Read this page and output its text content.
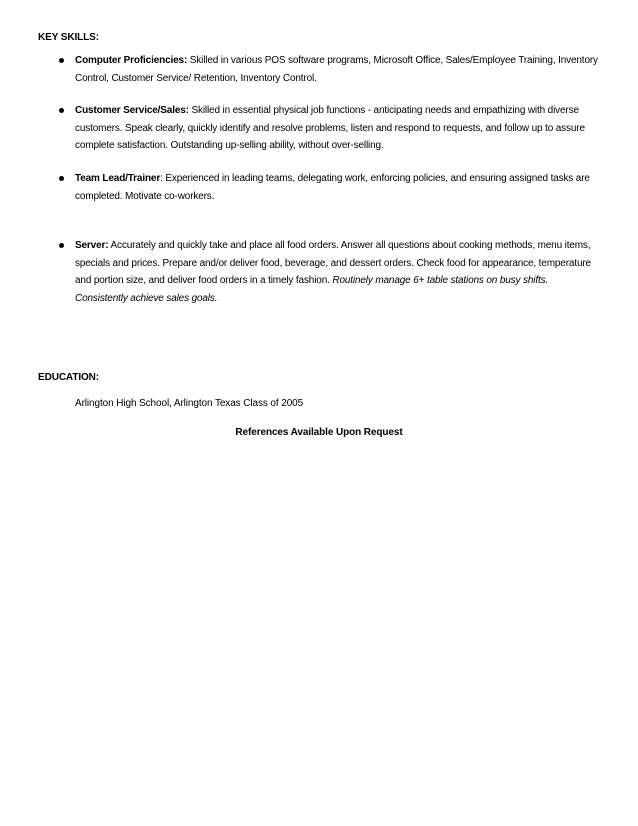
KEY SKILLS:
Computer Proficiencies: Skilled in various POS software programs, Microsoft Office, Sales/Employee Training, Inventory Control, Customer Service/ Retention, Inventory Control.
Customer Service/Sales: Skilled in essential physical job functions - anticipating needs and empathizing with diverse customers. Speak clearly, quickly identify and resolve problems, listen and respond to requests, and follow up to assure complete satisfaction. Outstanding up-selling ability, without over-selling.
Team Lead/Trainer: Experienced in leading teams, delegating work, enforcing policies, and ensuring assigned tasks are completed. Motivate co-workers.
Server: Accurately and quickly take and place all food orders. Answer all questions about cooking methods, menu items, specials and prices. Prepare and/or deliver food, beverage, and dessert orders. Check food for appearance, temperature and portion size, and deliver food orders in a timely fashion. Routinely manage 6+ table stations on busy shifts. Consistently achieve sales goals.
EDUCATION:
Arlington High School, Arlington Texas Class of 2005
References Available Upon Request
